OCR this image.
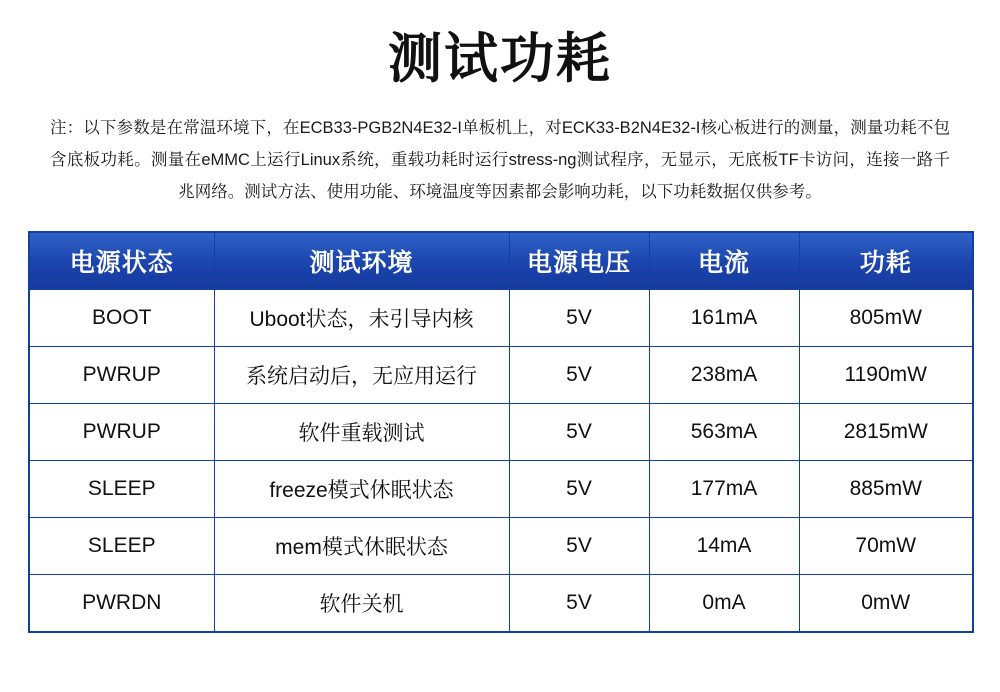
测试功耗

注：以下参数是在常温环境下，在ECB33-PGB2N4E32-I单板机上，对ECK33-B2N4E32-I核心板进行的测量，测量功耗不包含底板功耗。测量在eMMC上运行Linux系统，重载功耗时运行stress-ng测试程序，无显示，无底板TF卡访问，连接一路千兆网络。测试方法、使用功能、环境温度等因素都会影响功耗，以下功耗数据仅供参考。

电源状态	测试环境	电源电压	电流	功耗
BOOT	Uboot状态，未引导内核	5V	161mA	805mW
PWRUP	系统启动后，无应用运行	5V	238mA	1190mW
PWRUP	软件重载测试	5V	563mA	2815mW
SLEEP	freeze模式休眠状态	5V	177mA	885mW
SLEEP	mem模式休眠状态	5V	14mA	70mW
PWRDN	软件关机	5V	0mA	0mW
